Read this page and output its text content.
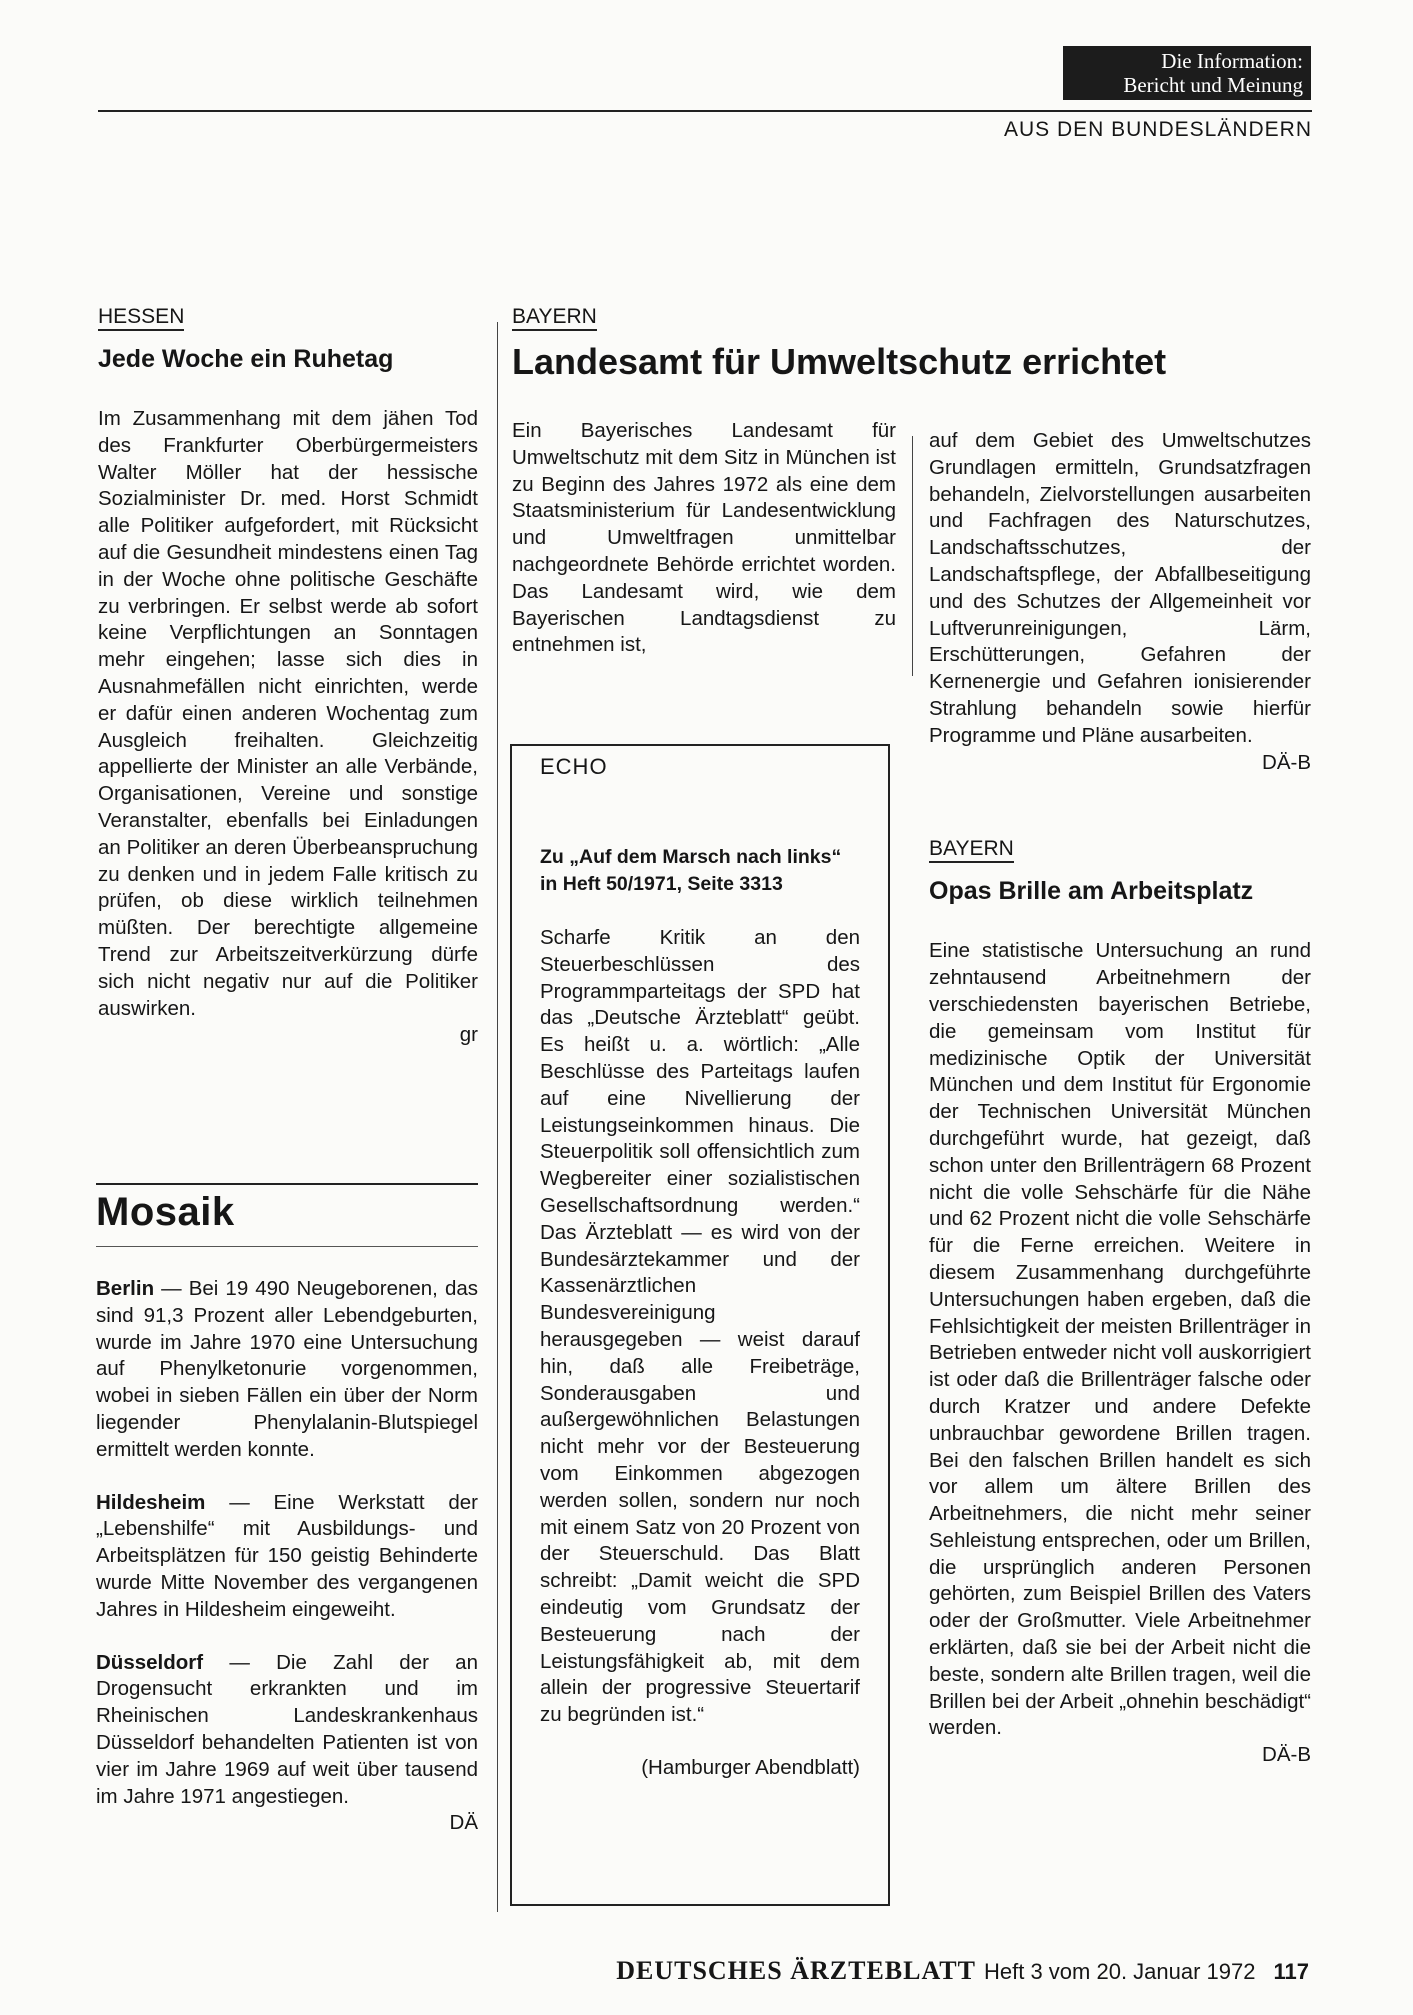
Die Information:
Bericht und Meinung
AUS DEN BUNDESLÄNDERN

HESSEN

Jede Woche ein Ruhetag

Im Zusammenhang mit dem jähen Tod des Frankfurter Oberbürgermeisters Walter Möller hat der hessische Sozialminister Dr. med. Horst Schmidt alle Politiker aufgefordert, mit Rücksicht auf die Gesundheit mindestens einen Tag in der Woche ohne politische Geschäfte zu verbringen. Er selbst werde ab sofort keine Verpflichtungen an Sonntagen mehr eingehen; lasse sich dies in Ausnahmefällen nicht einrichten, werde er dafür einen anderen Wochentag zum Ausgleich freihalten. Gleichzeitig appellierte der Minister an alle Verbände, Organisationen, Vereine und sonstige Veranstalter, ebenfalls bei Einladungen an Politiker an deren Überbeanspruchung zu denken und in jedem Falle kritisch zu prüfen, ob diese wirklich teilnehmen müßten. Der berechtigte allgemeine Trend zur Arbeitszeitverkürzung dürfe sich nicht negativ nur auf die Politiker auswirken.

gr
Mosaik

Berlin — Bei 19 490 Neugeborenen, das sind 91,3 Prozent aller Lebendgeburten, wurde im Jahre 1970 eine Untersuchung auf Phenylketonurie vorgenommen, wobei in sieben Fällen ein über der Norm liegender Phenylalanin-Blutspiegel ermittelt werden konnte.

Hildesheim — Eine Werkstatt der „Lebenshilfe“ mit Ausbildungs- und Arbeitsplätzen für 150 geistig Behinderte wurde Mitte November des vergangenen Jahres in Hildesheim eingeweiht.

Düsseldorf — Die Zahl der an Drogensucht erkrankten und im Rheinischen Landeskrankenhaus Düsseldorf behandelten Patienten ist von vier im Jahre 1969 auf weit über tausend im Jahre 1971 angestiegen.

DÄ

BAYERN

Landesamt für Umweltschutz errichtet

Ein Bayerisches Landesamt für Umweltschutz mit dem Sitz in München ist zu Beginn des Jahres 1972 als eine dem Staatsministerium für Landesentwicklung und Umweltfragen unmittelbar nachgeordnete Behörde errichtet worden. Das Landesamt wird, wie dem Bayerischen Landtagsdienst zu entnehmen ist,

ECHO

Zu „Auf dem Marsch nach links“ in Heft 50/1971, Seite 3313

Scharfe Kritik an den Steuerbeschlüssen des Programmparteitags der SPD hat das „Deutsche Ärzteblatt“ geübt. Es heißt u. a. wörtlich: „Alle Beschlüsse des Parteitags laufen auf eine Nivellierung der Leistungseinkommen hinaus. Die Steuerpolitik soll offensichtlich zum Wegbereiter einer sozialistischen Gesellschaftsordnung werden.“ Das Ärzteblatt — es wird von der Bundesärztekammer und der Kassenärztlichen Bundesvereinigung herausgegeben — weist darauf hin, daß alle Freibeträge, Sonderausgaben und außergewöhnlichen Belastungen nicht mehr vor der Besteuerung vom Einkommen abgezogen werden sollen, sondern nur noch mit einem Satz von 20 Prozent von der Steuerschuld. Das Blatt schreibt: „Damit weicht die SPD eindeutig vom Grundsatz der Besteuerung nach der Leistungsfähigkeit ab, mit dem allein der progressive Steuertarif zu begründen ist.“

(Hamburger Abendblatt)

auf dem Gebiet des Umweltschutzes Grundlagen ermitteln, Grundsatzfragen behandeln, Zielvorstellungen ausarbeiten und Fachfragen des Naturschutzes, Landschaftsschutzes, der Landschaftspflege, der Abfallbeseitigung und des Schutzes der Allgemeinheit vor Luftverunreinigungen, Lärm, Erschütterungen, Gefahren der Kernenergie und Gefahren ionisierender Strahlung behandeln sowie hierfür Programme und Pläne ausarbeiten.

DÄ-B

BAYERN

Opas Brille am Arbeitsplatz

Eine statistische Untersuchung an rund zehntausend Arbeitnehmern der verschiedensten bayerischen Betriebe, die gemeinsam vom Institut für medizinische Optik der Universität München und dem Institut für Ergonomie der Technischen Universität München durchgeführt wurde, hat gezeigt, daß schon unter den Brillenträgern 68 Prozent nicht die volle Sehschärfe für die Nähe und 62 Prozent nicht die volle Sehschärfe für die Ferne erreichen. Weitere in diesem Zusammenhang durchgeführte Untersuchungen haben ergeben, daß die Fehlsichtigkeit der meisten Brillenträger in Betrieben entweder nicht voll auskorrigiert ist oder daß die Brillenträger falsche oder durch Kratzer und andere Defekte unbrauchbar gewordene Brillen tragen. Bei den falschen Brillen handelt es sich vor allem um ältere Brillen des Arbeitnehmers, die nicht mehr seiner Sehleistung entsprechen, oder um Brillen, die ursprünglich anderen Personen gehörten, zum Beispiel Brillen des Vaters oder der Großmutter. Viele Arbeitnehmer erklärten, daß sie bei der Arbeit nicht die beste, sondern alte Brillen tragen, weil die Brillen bei der Arbeit „ohnehin beschädigt“ werden.

DÄ-B
DEUTSCHES ÄRZTEBLATT Heft 3 vom 20. Januar 1972 117
